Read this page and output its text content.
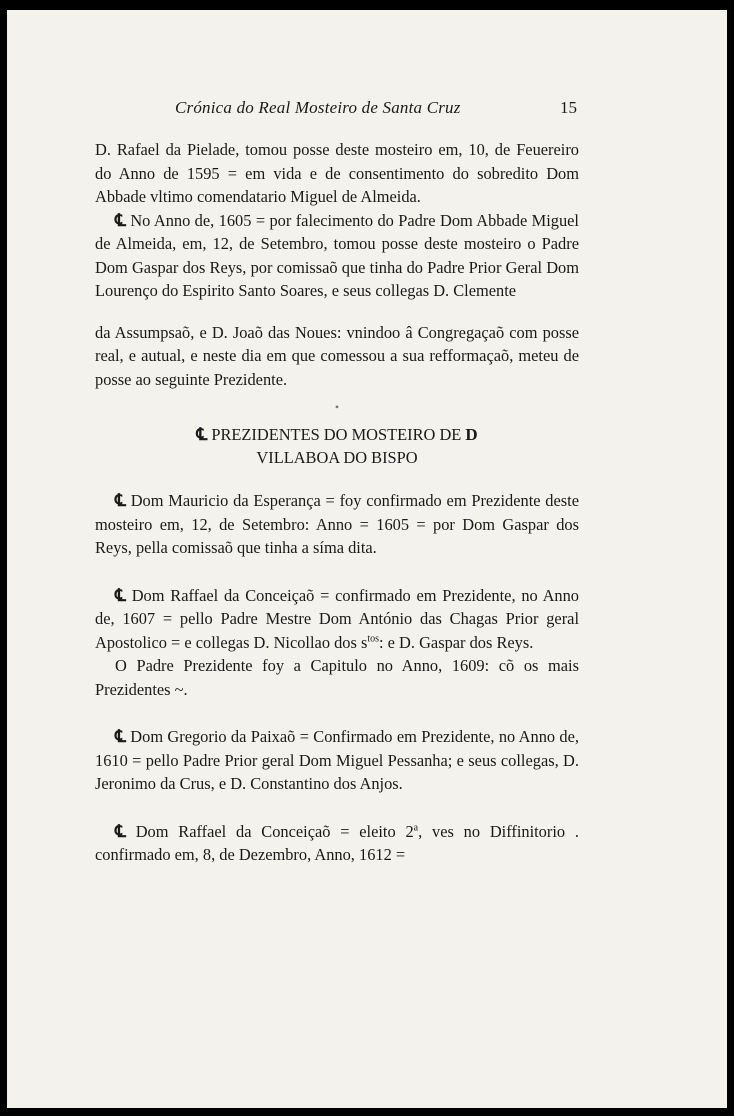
Crónica do Real Mosteiro de Santa Cruz	15

D. Rafael da Pielade, tomou posse deste mosteiro em, 10, de Feuereiro do Anno de 1595 = em vida e de consentimento do sobredito Dom Abbade vltimo comendatario Miguel de Almeida.

℄ No Anno de, 1605 = por falecimento do Padre Dom Abbade Miguel de Almeida, em, 12, de Setembro, tomou posse deste mosteiro o Padre Dom Gaspar dos Reys, por comissaõ que tinha do Padre Prior Geral Dom Lourenço do Espirito Santo Soares, e seus collegas D. Clemente

da Assumpsaõ, e D. Joaõ das Noues: vnindoo â Congregaçaõ com posse real, e autual, e neste dia em que comessou a sua refformaçaõ, meteu de posse ao seguinte Prezidente.

•
℄ PREZIDENTES DO MOSTEIRO DE D
VILLABOA DO BISPO

℄ Dom Mauricio da Esperança = foy confirmado em Prezidente deste mosteiro em, 12, de Setembro: Anno = 1605 = por Dom Gaspar dos Reys, pella comissaõ que tinha a síma dita.

℄ Dom Raffael da Conceiçaõ = confirmado em Prezidente, no Anno de, 1607 = pello Padre Mestre Dom António das Chagas Prior geral Apostolico = e collegas D. Nicollao dos $s^{tos}$: e D. Gaspar dos Reys.

O Padre Prezidente foy a Capitulo no Anno, 1609: cõ os mais Prezidentes ~.

℄ Dom Gregorio da Paixaõ = Confirmado em Prezidente, no Anno de, 1610 = pello Padre Prior geral Dom Miguel Pessanha; e seus collegas, D. Jeronimo da Crus, e D. Constantino dos Anjos.

℄ Dom Raffael da Conceiçaõ = eleito 2$^a$, ves no Diffinitorio . confirmado em, 8, de Dezembro, Anno, 1612 =
